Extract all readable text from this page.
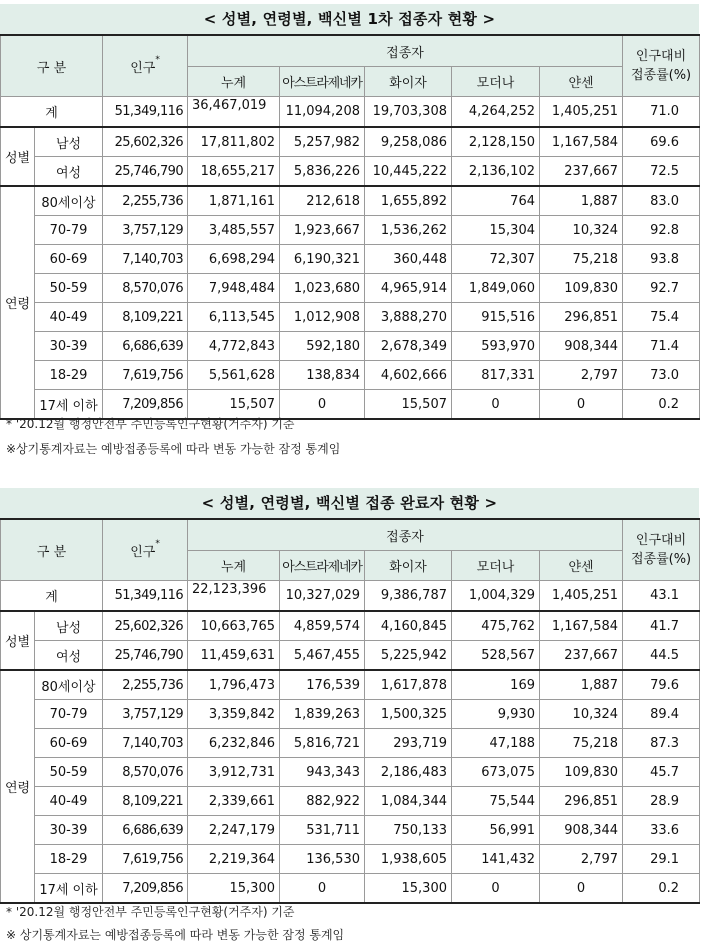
< 성별, 연령별, 백신별 1차 접종자 현황 >
구 분		인구*	접종자					인구대비
접종률(%)
			누계	아스트라제네카	화이자	모더나	얀센	
계		51,349,116	36,467,019	11,094,208	19,703,308	4,264,252	1,405,251	71.0
성별	남성	25,602,326	17,811,802	5,257,982	9,258,086	2,128,150	1,167,584	69.6
	여성	25,746,790	18,655,217	5,836,226	10,445,222	2,136,102	237,667	72.5
연령	80세이상	2,255,736	1,871,161	212,618	1,655,892	764	1,887	83.0
	70-79	3,757,129	3,485,557	1,923,667	1,536,262	15,304	10,324	92.8
	60-69	7,140,703	6,698,294	6,190,321	360,448	72,307	75,218	93.8
	50-59	8,570,076	7,948,484	1,023,680	4,965,914	1,849,060	109,830	92.7
	40-49	8,109,221	6,113,545	1,012,908	3,888,270	915,516	296,851	75.4
	30-39	6,686,639	4,772,843	592,180	2,678,349	593,970	908,344	71.4
	18-29	7,619,756	5,561,628	138,834	4,602,666	817,331	2,797	73.0
	17세 이하	7,209,856	15,507	0	15,507	0	0	0.2
* '20.12월 행정안전부 주민등록인구현황(거주자) 기준
※상기통계자료는 예방접종등록에 따라 변동 가능한 잠정 통계임
< 성별, 연령별, 백신별 접종 완료자 현황 >
구 분		인구*	접종자					인구대비
접종률(%)
			누계	아스트라제네카	화이자	모더나	얀센	
계		51,349,116	22,123,396	10,327,029	9,386,787	1,004,329	1,405,251	43.1
성별	남성	25,602,326	10,663,765	4,859,574	4,160,845	475,762	1,167,584	41.7
	여성	25,746,790	11,459,631	5,467,455	5,225,942	528,567	237,667	44.5
연령	80세이상	2,255,736	1,796,473	176,539	1,617,878	169	1,887	79.6
	70-79	3,757,129	3,359,842	1,839,263	1,500,325	9,930	10,324	89.4
	60-69	7,140,703	6,232,846	5,816,721	293,719	47,188	75,218	87.3
	50-59	8,570,076	3,912,731	943,343	2,186,483	673,075	109,830	45.7
	40-49	8,109,221	2,339,661	882,922	1,084,344	75,544	296,851	28.9
	30-39	6,686,639	2,247,179	531,711	750,133	56,991	908,344	33.6
	18-29	7,619,756	2,219,364	136,530	1,938,605	141,432	2,797	29.1
	17세 이하	7,209,856	15,300	0	15,300	0	0	0.2
* '20.12월 행정안전부 주민등록인구현황(거주자) 기준
※ 상기통계자료는 예방접종등록에 따라 변동 가능한 잠정 통계임
